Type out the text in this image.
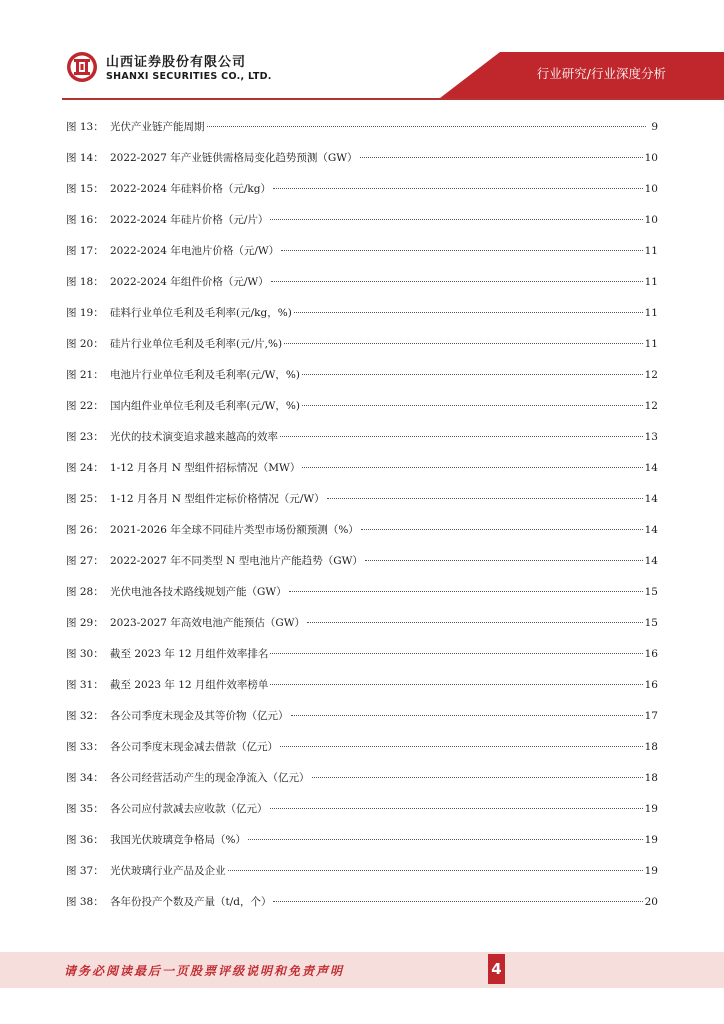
山西证券股份有限公司
SHANXI SECURITIES CO., LTD.	行业研究/行业深度分析
图 13： 光伏产业链产能周期	9
图 14： 2022-2027 年产业链供需格局变化趋势预测（GW）	10
图 15： 2022-2024 年硅料价格（元/kg）	10
图 16： 2022-2024 年硅片价格（元/片）	10
图 17： 2022-2024 年电池片价格（元/W）	11
图 18： 2022-2024 年组件价格（元/W）	11
图 19： 硅料行业单位毛利及毛利率(元/kg，%)	11
图 20： 硅片行业单位毛利及毛利率(元/片,%)	11
图 21： 电池片行业单位毛利及毛利率(元/W，%)	12
图 22： 国内组件业单位毛利及毛利率(元/W，%)	12
图 23： 光伏的技术演变追求越来越高的效率	13
图 24： 1-12 月各月 N 型组件招标情况（MW）	14
图 25： 1-12 月各月 N 型组件定标价格情况（元/W）	14
图 26： 2021-2026 年全球不同硅片类型市场份额预测（%）	14
图 27： 2022-2027 年不同类型 N 型电池片产能趋势（GW）	14
图 28： 光伏电池各技术路线规划产能（GW）	15
图 29： 2023-2027 年高效电池产能预估（GW）	15
图 30： 截至 2023 年 12 月组件效率排名	16
图 31： 截至 2023 年 12 月组件效率榜单	16
图 32： 各公司季度末现金及其等价物（亿元）	17
图 33： 各公司季度末现金减去借款（亿元）	18
图 34： 各公司经营活动产生的现金净流入（亿元）	18
图 35： 各公司应付款减去应收款（亿元）	19
图 36： 我国光伏玻璃竞争格局（%）	19
图 37： 光伏玻璃行业产品及企业	19
图 38： 各年份投产个数及产量（t/d，个）	20
请务必阅读最后一页股票评级说明和免责声明	4
